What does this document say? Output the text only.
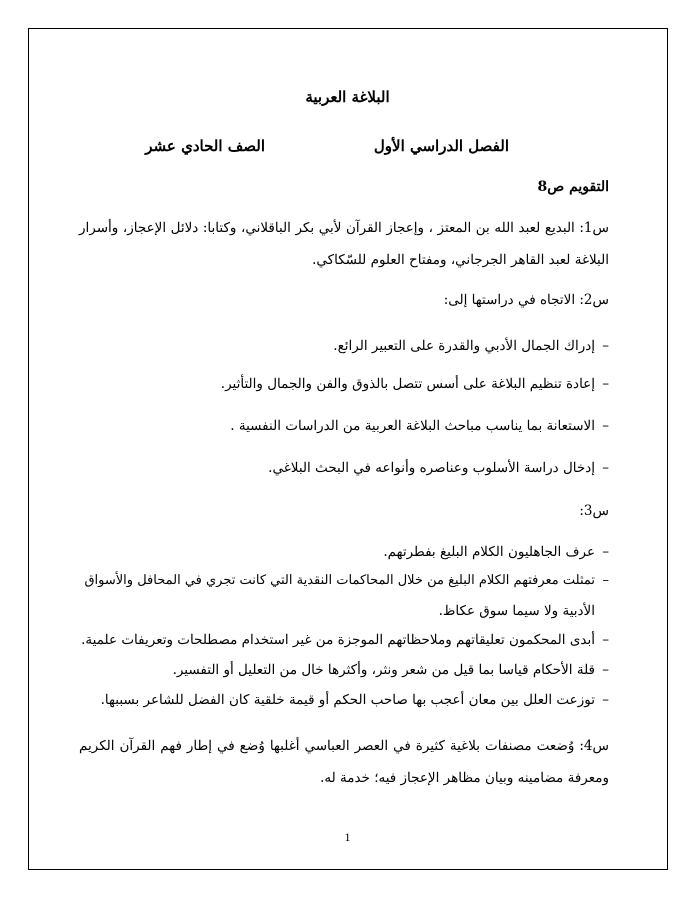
البلاغة العربية
الفصل الدراسي الأول
الصف الحادي عشر
التقويم ص8
س1: البديع لعبد الله بن المعتز ، وإعجاز القرآن لأبي بكر الباقلاني، وكتابا: دلائل الإعجاز، وأسرار البلاغة لعبد القاهر الجرجاني، ومفتاح العلوم للسّكاكي.
س2: الاتجاه في دراستها إلى:
–إدراك الجمال الأدبي والقدرة على التعبير الرائع.
–إعادة تنظيم البلاغة على أسس تتصل بالذوق والفن والجمال والتأثير.
–الاستعانة بما يناسب مباحث البلاغة العربية من الدراسات النفسية .
–إدخال دراسة الأسلوب وعناصره وأنواعه في البحث البلاغي.
س3:
–عرف الجاهليون الكلام البليغ بفطرتهم.
–تمثلت معرفتهم الكلام البليغ من خلال المحاكمات النقدية التي كانت تجري في المحافل والأسواق
الأدبية ولا سيما سوق عكاظ.
–أبدى المحكمون تعليقاتهم وملاحظاتهم الموجزة من غير استخدام مصطلحات وتعريفات علمية.
–قلة الأحكام قياسا بما قيل من شعر ونثر، وأكثرها خال من التعليل أو التفسير.
–توزعت العلل بين معان أعجب بها صاحب الحكم أو قيمة خلقية كان الفضل للشاعر بسببها.
س4: وُضعت مصنفات بلاغية كثيرة في العصر العباسي أغلبها وُضع في إطار فهم القرآن الكريم ومعرفة مضامينه وبيان مظاهر الإعجاز فيه؛ خدمة له.
1
